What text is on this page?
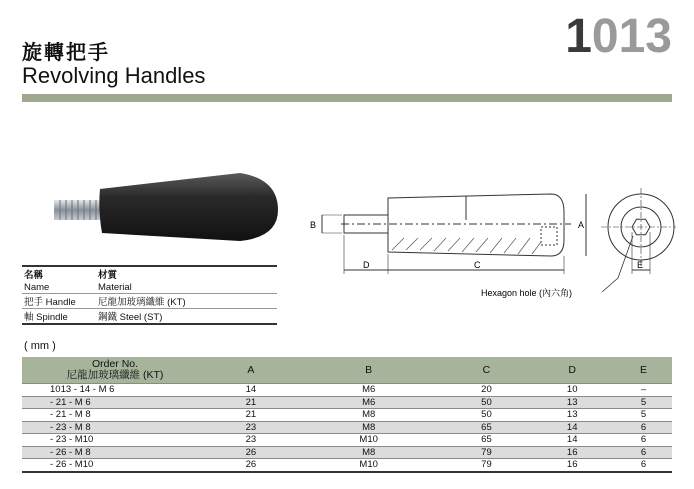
旋轉把手
Revolving Handles
1013
B	A
D	C	E
Hexagon hole (內六角)
名稱	材質
Name	Material
把手 Handle	尼龍加玻璃纖維 (KT)
軸 Spindle	鋼鐵 Steel (ST)
( mm )
Order No.
尼龍加玻璃纖維 (KT)	A	B	C	D	E
1013 - 14 - M 6	14	M6	20	10	–
- 21 - M 6	21	M6	50	13	5
- 21 - M 8	21	M8	50	13	5
- 23 - M 8	23	M8	65	14	6
- 23 - M10	23	M10	65	14	6
- 26 - M 8	26	M8	79	16	6
- 26 - M10	26	M10	79	16	6
